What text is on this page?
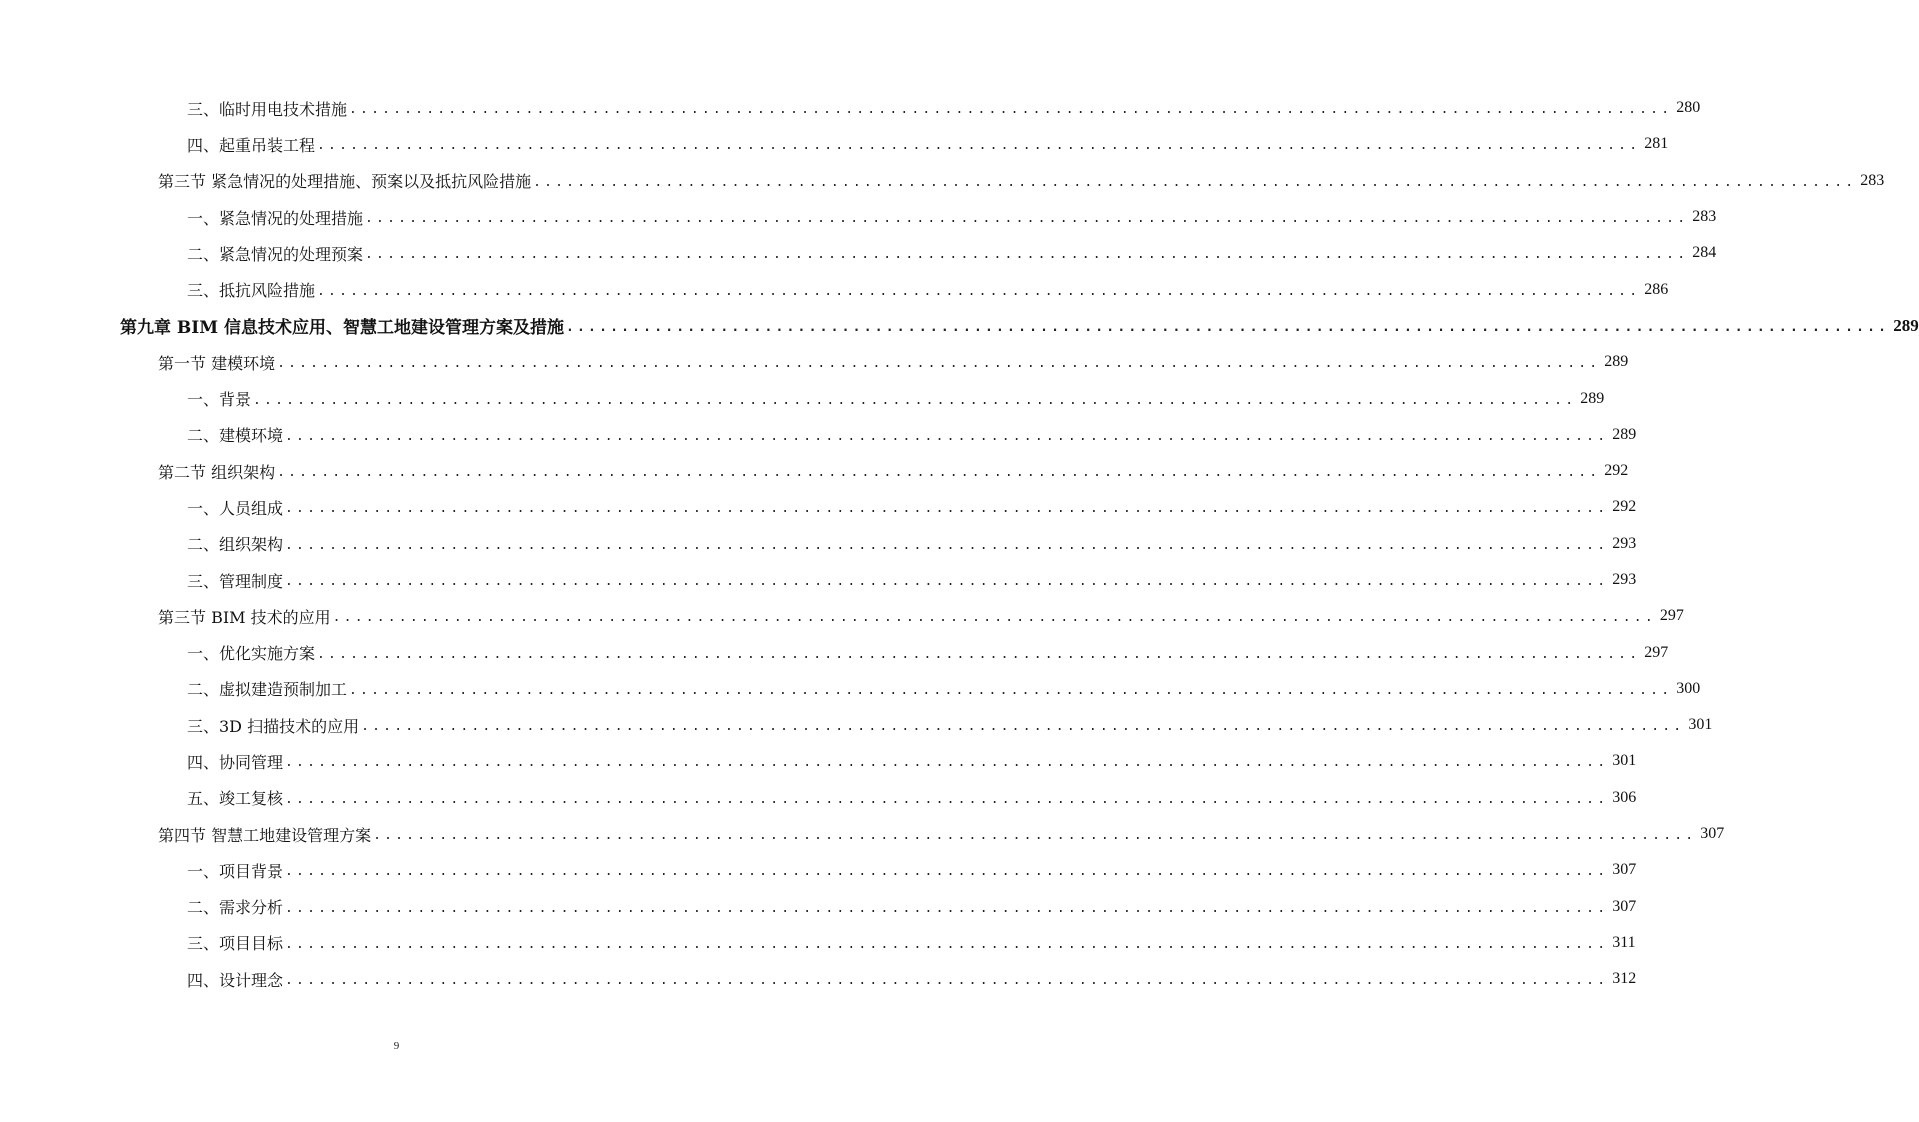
三、临时用电技术措施 ........................................................................................................................ 280
四、起重吊装工程 ........................................................................................................................ 281
第三节 紧急情况的处理措施、预案以及抵抗风险措施 ........................................................................................................................ 283
一、紧急情况的处理措施 ........................................................................................................................ 283
二、紧急情况的处理预案 ........................................................................................................................ 284
三、抵抗风险措施 ........................................................................................................................ 286
第九章 BIM 信息技术应用、智慧工地建设管理方案及措施 ........................................................................................................................ 289
第一节 建模环境 ........................................................................................................................ 289
一、背景 ........................................................................................................................ 289
二、建模环境 ........................................................................................................................ 289
第二节 组织架构 ........................................................................................................................ 292
一、人员组成 ........................................................................................................................ 292
二、组织架构 ........................................................................................................................ 293
三、管理制度 ........................................................................................................................ 293
第三节 BIM 技术的应用 ........................................................................................................................ 297
一、优化实施方案 ........................................................................................................................ 297
二、虚拟建造预制加工 ........................................................................................................................ 300
三、3D 扫描技术的应用 ........................................................................................................................ 301
四、协同管理 ........................................................................................................................ 301
五、竣工复核 ........................................................................................................................ 306
第四节 智慧工地建设管理方案 ........................................................................................................................ 307
一、项目背景 ........................................................................................................................ 307
二、需求分析 ........................................................................................................................ 307
三、项目目标 ........................................................................................................................ 311
四、设计理念 ........................................................................................................................ 312
9
